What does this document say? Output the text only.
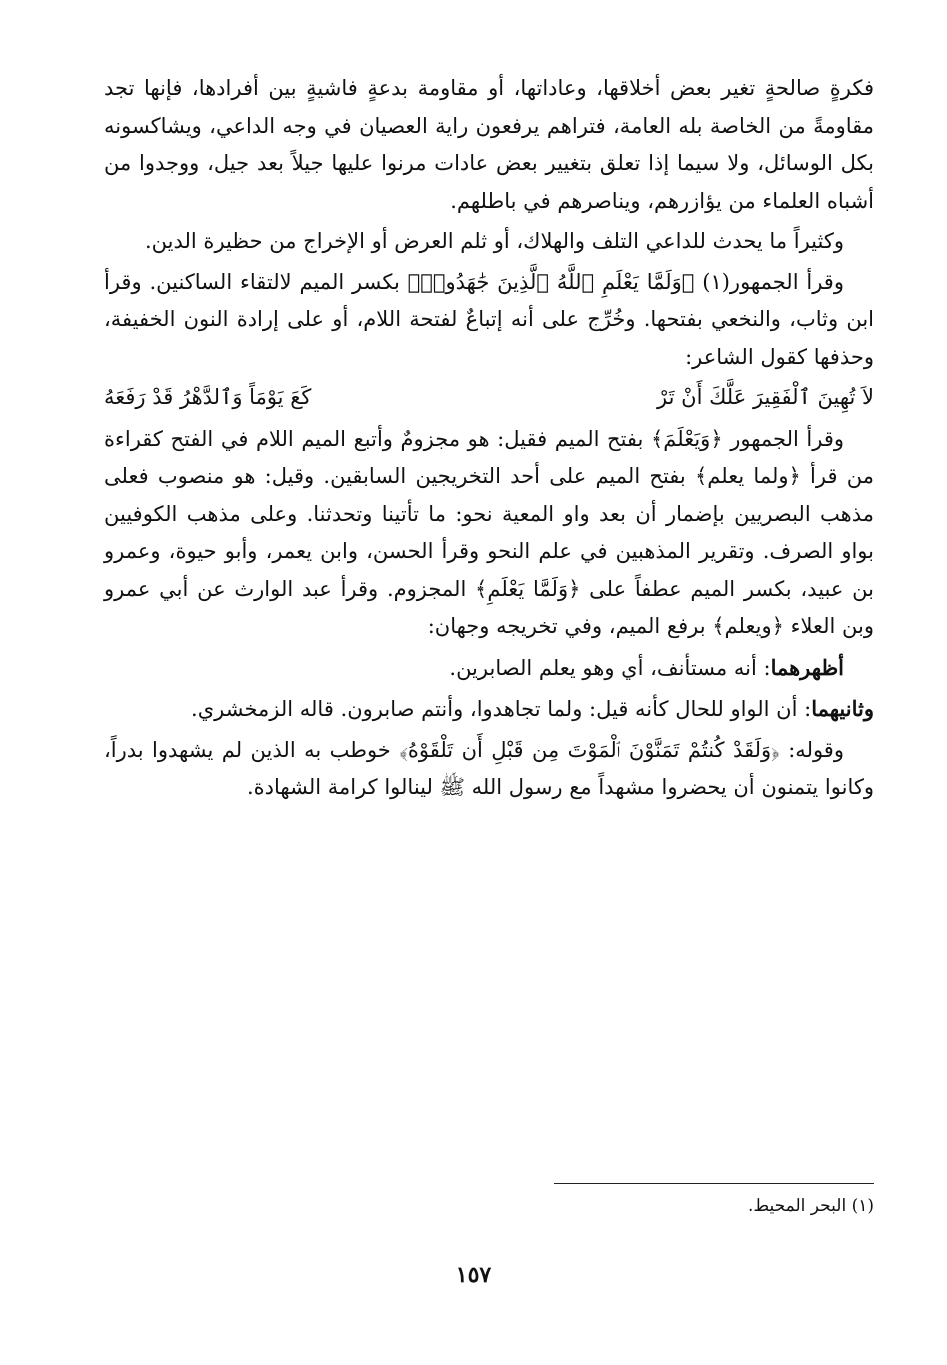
فكرةٍ صالحةٍ تغير بعض أخلاقها، وعاداتها، أو مقاومة بدعةٍ فاشيةٍ بين أفرادها، فإنها تجد مقاومةً من الخاصة بله العامة، فتراهم يرفعون راية العصيان في وجه الداعي، ويشاكسونه بكل الوسائل، ولا سيما إذا تعلق بتغيير بعض عادات مرنوا عليها جيلاً بعد جيل، ووجدوا من أشباه العلماء من يؤازرهم، ويناصرهم في باطلهم.

وكثيراً ما يحدث للداعي التلف والهلاك، أو ثلم العرض أو الإخراج من حظيرة الدين.

وقرأ الجمهور(١) ﴿وَلَمَّا يَعْلَمِ ٱللَّهُ ٱلَّذِينَ جَٰهَدُوا۟﴾ بكسر الميم لالتقاء الساكنين. وقرأ ابن وثاب، والنخعي بفتحها. وخُرِّج على أنه إتباعٌ لفتحة اللام، أو على إرادة النون الخفيفة، وحذفها كقول الشاعر:

لاَ تُهِينَ ٱلْفَقِيرَ عَلَّكَ أَنْ تَرْ
كَعَ يَوْمَاً وَٱلدَّهْرُ قَدْ رَفَعَهُ

وقرأ الجمهور ﴿وَيَعْلَمَ﴾ بفتح الميم فقيل: هو مجزومٌ وأتبع الميم اللام في الفتح كقراءة من قرأ ﴿ولما يعلم﴾ بفتح الميم على أحد التخريجين السابقين. وقيل: هو منصوب فعلى مذهب البصريين بإضمار أن بعد واو المعية نحو: ما تأتينا وتحدثنا. وعلى مذهب الكوفيين بواو الصرف. وتقرير المذهبين في علم النحو وقرأ الحسن، وابن يعمر، وأبو حيوة، وعمرو بن عبيد، بكسر الميم عطفاً على ﴿وَلَمَّا يَعْلَمِ﴾ المجزوم. وقرأ عبد الوارث عن أبي عمرو وبن العلاء ﴿ويعلم﴾ برفع الميم، وفي تخريجه وجهان:

أظهرهما: أنه مستأنف، أي وهو يعلم الصابرين.

وثانيهما: أن الواو للحال كأنه قيل: ولما تجاهدوا، وأنتم صابرون. قاله الزمخشري.

وقوله: ﴿وَلَقَدْ كُنتُمْ تَمَنَّوْنَ ٱلْمَوْتَ مِن قَبْلِ أَن تَلْقَوْهُ﴾ خوطب به الذين لم يشهدوا بدراً، وكانوا يتمنون أن يحضروا مشهداً مع رسول الله ﷺ لينالوا كرامة الشهادة.

(١) البحر المحيط.
١٥٧
